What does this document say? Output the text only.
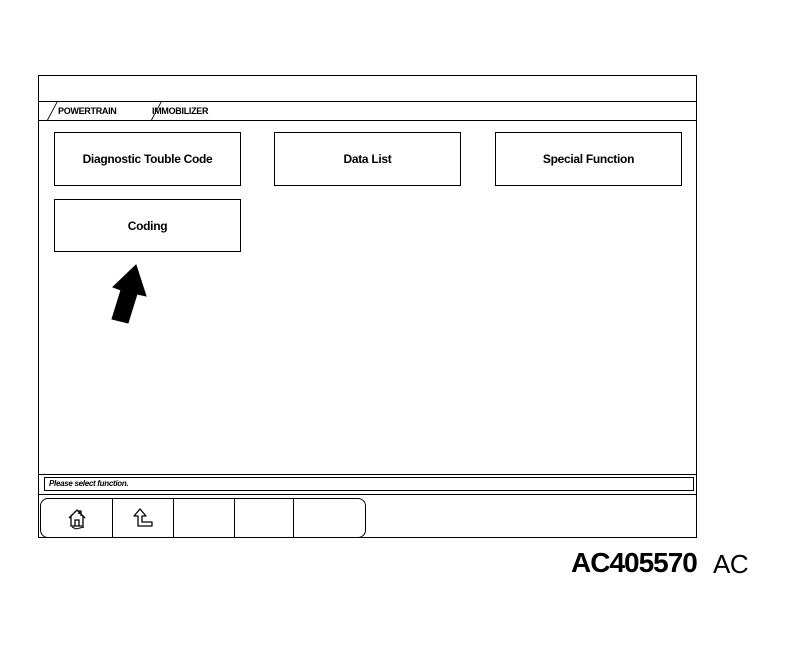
POWERTRAIN	IMMOBILIZER
Diagnostic Touble Code	Data List	Special Function
Coding
Please select function.
AC405570 AC
